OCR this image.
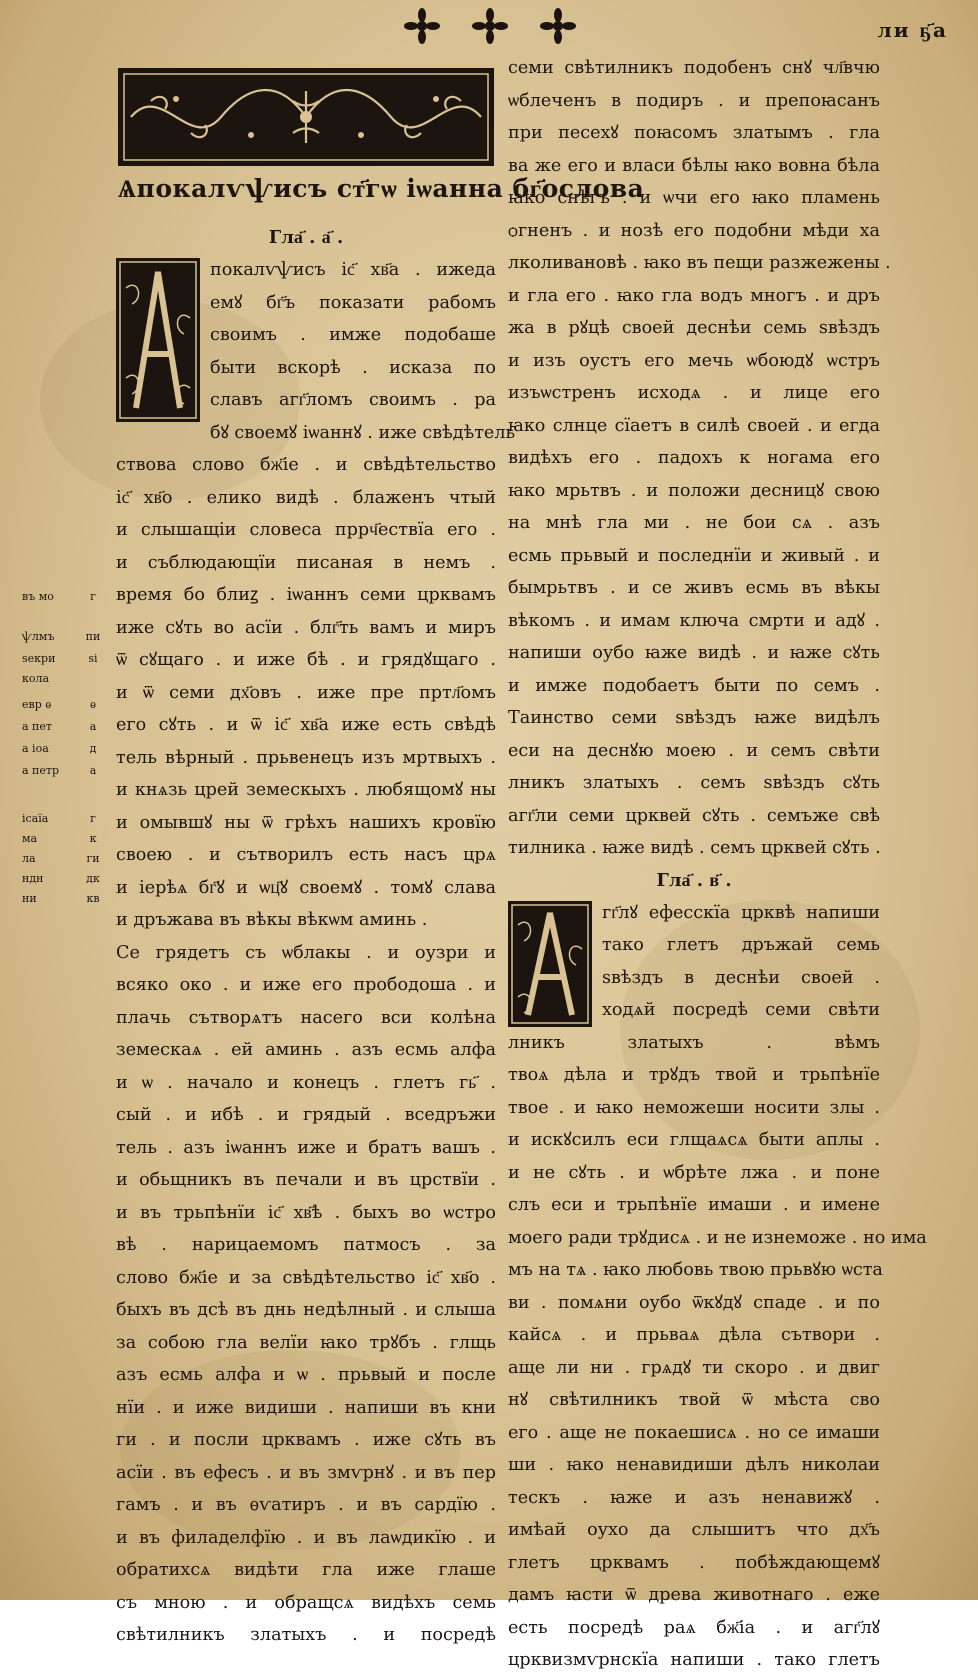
ли ҕ҃а
Ѧпокалѵѱисъ ст҃гѡ іѡанна бг҃ослова
Гла҃ . а҃ .
покалѵѱисъ іс҃ хв҃а . ижеда
емꙋ бг҃ъ показати рабомъ
своимъ . имже подобаше
быти вскорѣ . исказа по
славъ агг҃ломъ своимъ . ра
бꙋ своемꙋ іѡаннꙋ . иже свѣдѣтель
ствова слово бж҃іе . и свѣдѣтельство
іс҃ хв҃о . елико видѣ . блаженъ чтый
и слышащіи словеса пррч҃ествїа его .
и съблюдающїи писаная в немъ .
время бо блиꙁ . іѡаннъ семи црквамъ
иже сꙋть во асїи . блг҃ть вамъ и миръ
ѿ сꙋщаго . и иже бѣ . и грядꙋщаго .
и ѿ семи дх҃овъ . иже пре пртл҃омъ
его сꙋть . и ѿ іс҃ хв҃а иже есть свѣдѣ
тель вѣрный . прьвенецъ изъ мртвыхъ .
и кнѧзь црей земескыхъ . любящомꙋ ны
и омывшꙋ ны ѿ грѣхъ нашихъ кровїю
своею . и сътворилъ есть насъ црѧ
и іерѣѧ бг҃ꙋ и ѡц҃ꙋ своемꙋ . томꙋ слава
и дръжава въ вѣкы вѣкѡм аминь .
Се грядетъ съ ѡблакы . и оузри и
всяко око . и иже его прободоша . и
плачь сътворѧтъ насего вси колѣна
земескаѧ . ей аминь . азъ есмь алфа
и ѡ . начало и конецъ . глетъ гь҃ .
сый . и ибѣ . и грядый . вседръжи
тель . азъ іѡаннъ иже и братъ вашъ .
и обьщникъ въ печали и въ црствїи .
и въ трьпѣнїи іс҃ хв҃ѣ . быхъ во ѡстро
вѣ . нарицаемомъ патмосъ . за
слово бж҃іе и за свѣдѣтельство іс҃ хв҃о .
быхъ въ дсѣ въ днь недѣлный . и слыша
за собою гла велїи ꙗко трꙋбъ . глщь
азъ есмь алфа и ѡ . прьвый и после
нїи . и иже видиши . напиши въ кни
ги . и посли црквамъ . иже сꙋть въ
асїи . въ ефесъ . и въ змѵрнꙋ . и въ пер
гамъ . и въ ѳѵатиръ . и въ сардїю .
и въ филаделфїю . и въ лаѡдикїю . и
обратихсѧ видѣти гла иже глаше
съ мною . и обращсѧ видѣхъ семь
свѣтилникъ златыхъ . и посредѣ
семи свѣтилникъ подобенъ снꙋ чл҃вчю
ѡблеченъ в подиръ . и препоꙗсанъ
при песехꙋ поꙗсомъ златымъ . гла
ва же его и власи бѣлы ꙗко вовна бѣла
ꙗко снѣгъ . и ѡчи его ꙗко пламень
ѻгненъ . и нозѣ его подобни мѣди ха
лколивановѣ . ꙗко въ пещи разжежены .
и гла его . ꙗко гла водъ многъ . и дръ
жа в рꙋцѣ своей деснѣи семь ѕвѣздъ
и изъ оустъ его мечь ѡбоюдꙋ ѡстръ
изъѡстренъ исходѧ . и лице его
ꙗко слнце сїаетъ в силѣ своей . и егда
видѣхъ его . падохъ к ногама его
ꙗко мрьтвъ . и положи десницꙋ свою
на мнѣ гла ми . не бои сѧ . азъ
есмь прьвый и последнїи и живый . и
бымрьтвъ . и се живъ есмь въ вѣкы
вѣкомъ . и имам ключа смрти и адꙋ .
напиши оубо ꙗже видѣ . и ꙗже сꙋть
и имже подобаетъ быти по семъ .
Таинство семи ѕвѣздъ ꙗже видѣлъ
еси на деснꙋю моею . и семъ свѣти
лникъ златыхъ . семъ ѕвѣздъ сꙋть
агг҃ли семи црквей сꙋть . семъже свѣ
тилника . ꙗже видѣ . семъ црквей сꙋть .
Гла҃ . в҃ .
гг҃лꙋ ефесскїа црквѣ напиши
тако глетъ дръжай семь
ѕвѣздъ в деснѣи своей .
ходѧй посредѣ семи свѣти
лникъ златыхъ . вѣмъ
твоѧ дѣла и трꙋдъ твой и трьпѣнїе
твое . и ꙗко неможеши носити злы .
и искꙋсилъ еси глщаѧсѧ быти аплы .
и не сꙋть . и ѡбрѣте лжа . и поне
слъ еси и трьпѣнїе имаши . и имене
моего ради трꙋдисѧ . и не изнеможе . но има
мъ на тѧ . ꙗко любовь твою прьвꙋю ѡста
ви . помѧни оубо ѿкꙋдꙋ спаде . и по
кайсѧ . и прьваѧ дѣла сътвори .
аще ли ни . грѧдꙋ ти скоро . и двиг
нꙋ свѣтилникъ твой ѿ мѣста сво
его . аще не покаешисѧ . но се имаши
ши . ꙗко ненавидиши дѣлъ николаи
тескъ . ꙗже и азъ ненавижꙋ .
имѣай оухо да слышитъ что дх҃ъ
глетъ црквамъ . побѣждающемꙋ
дамъ ꙗсти ѿ древа животнаго . еже
есть посредѣ раѧ бж҃іа . и агг҃лꙋ
црквизмѵрнскїа напиши . тако глетъ
въ мо	г
ѱлмъ	пи
ѕекри	ѕі
кола
евр ѳ	ѳ
а пет	а
а іоа	д
а петр	а
ісаїа	г
ма	к
ла	ги
ндн	дк
ни	кв
